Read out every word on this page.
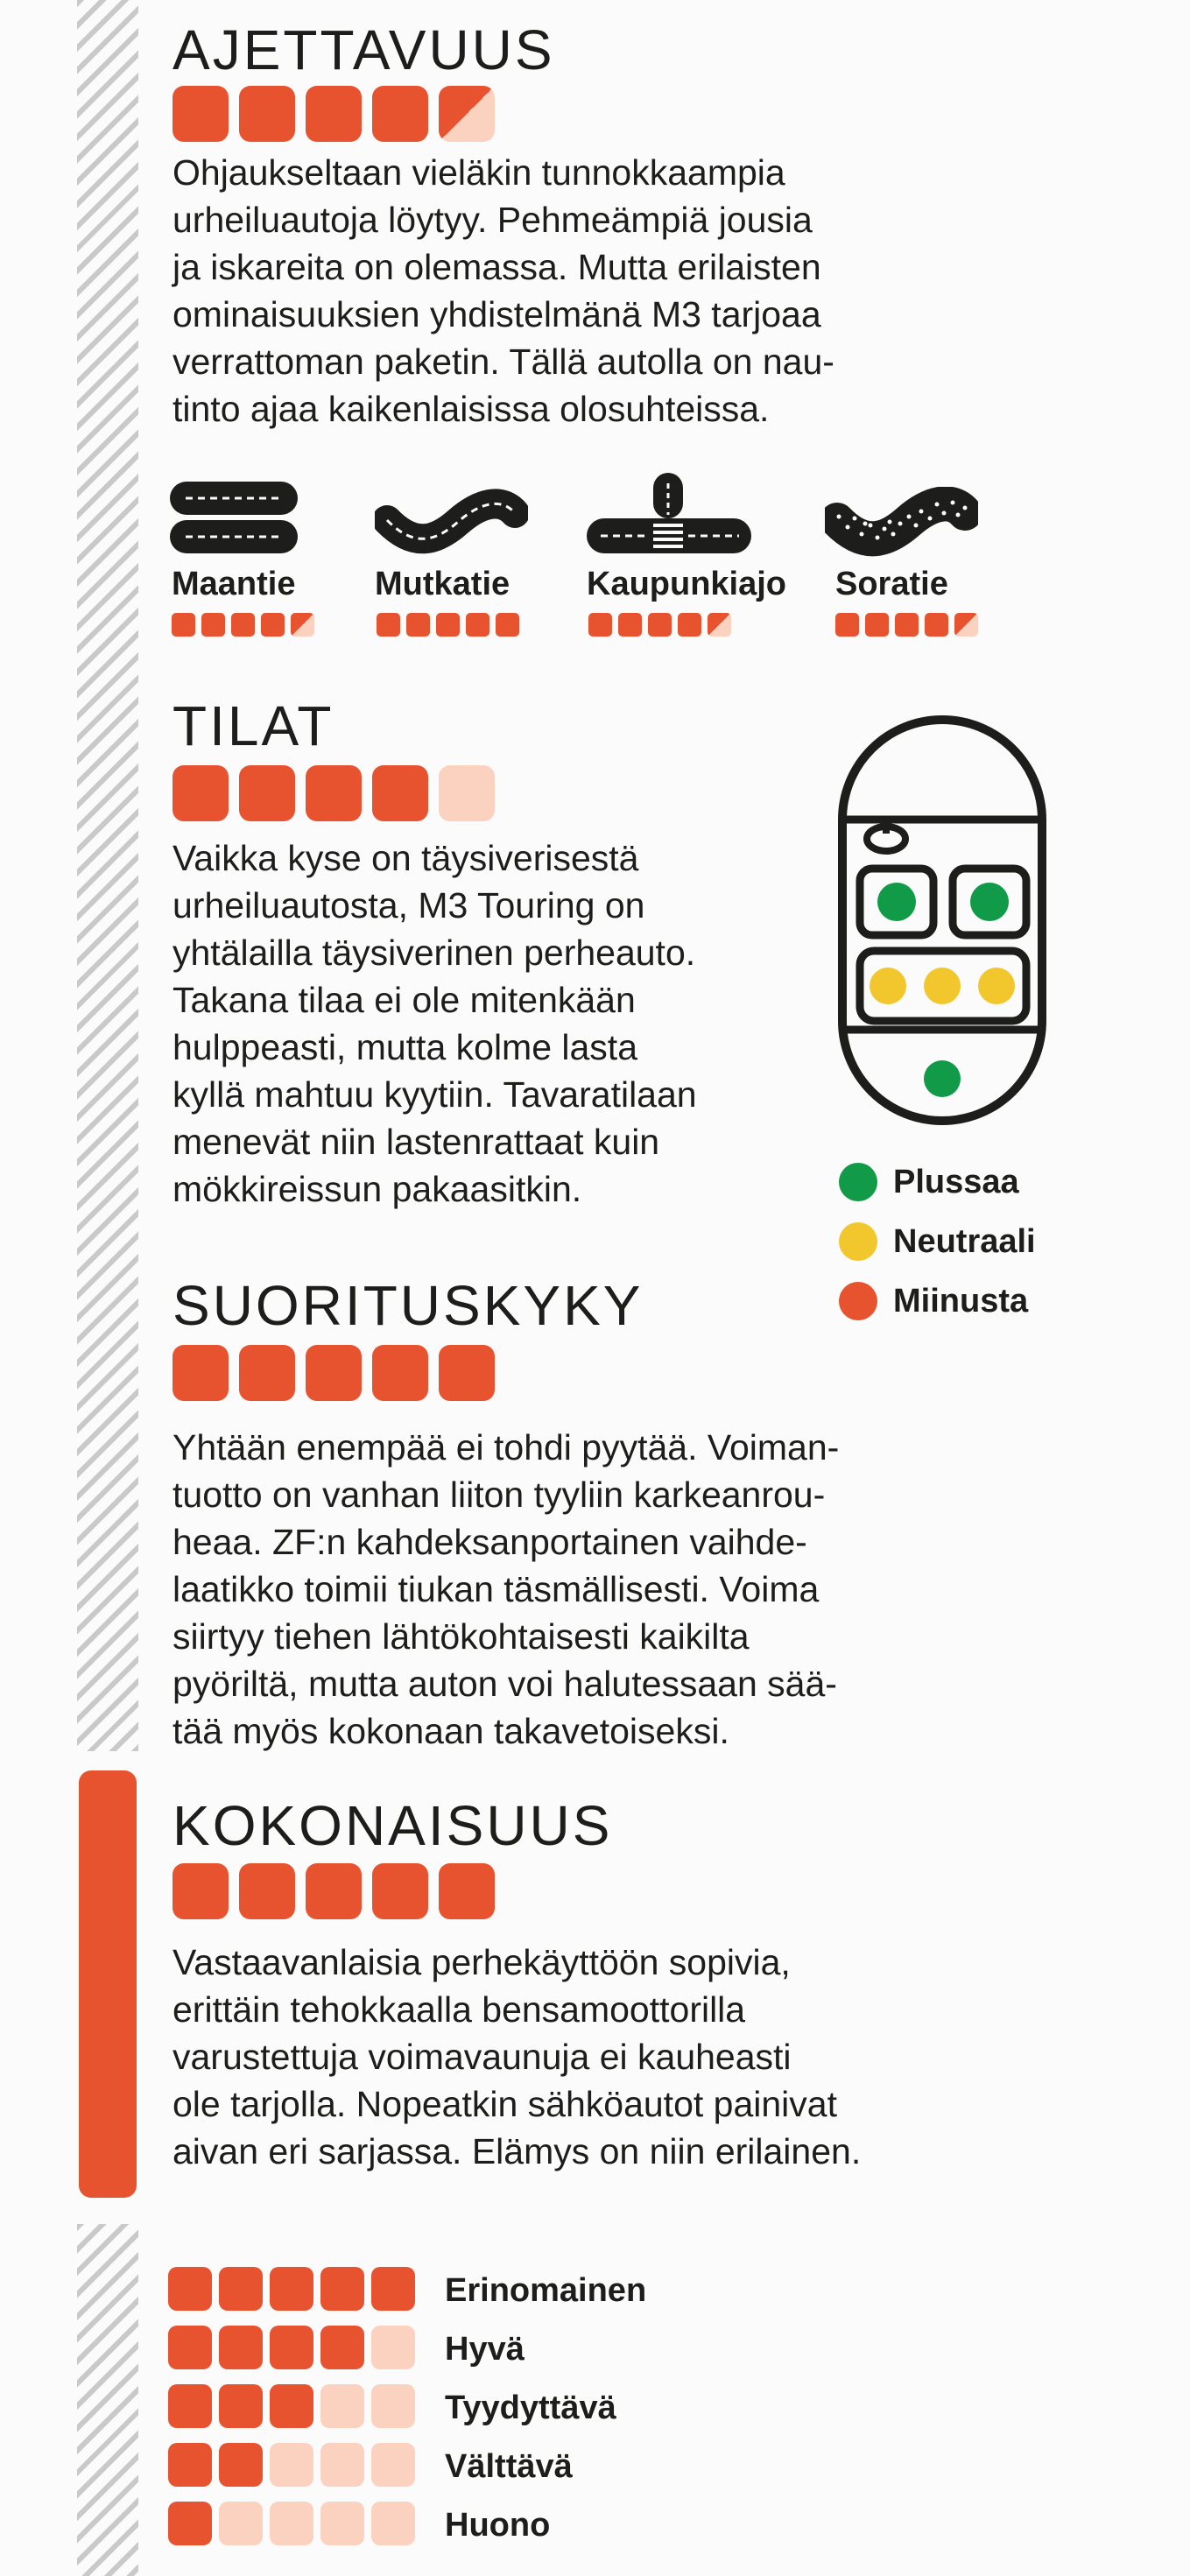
AJETTAVUUS

Ohjaukseltaan vieläkin tunnokkaampia
urheiluautoja löytyy. Pehmeämpiä jousia
ja iskareita on olemassa. Mutta erilaisten
ominaisuuksien yhdistelmänä M3 tarjoaa
verrattoman paketin. Tällä autolla on nau-
tinto ajaa kaikenlaisissa olosuhteissa.

Maantie Mutkatie Kaupunkiajo Soratie
TILAT

Vaikka kyse on täysiverisestä
urheiluautosta, M3 Touring on
yhtälailla täysiverinen perheauto.
Takana tilaa ei ole mitenkään
hulppeasti, mutta kolme lasta
kyllä mahtuu kyytiin. Tavaratilaan
menevät niin lastenrattaat kuin
mökkireissun pakaasitkin.	Plussaa
Neutraali
Miinusta
SUORITUSKYKY

Yhtään enempää ei tohdi pyytää. Voiman-
tuotto on vanhan liiton tyyliin karkeanrou-
heaa. ZF:n kahdeksanportainen vaihde-
laatikko toimii tiukan täsmällisesti. Voima
siirtyy tiehen lähtökohtaisesti kaikilta
pyöriltä, mutta auton voi halutessaan sää-
tää myös kokonaan takavetoiseksi.

KOKONAISUUS

Vastaavanlaisia perhekäyttöön sopivia,
erittäin tehokkaalla bensamoottorilla
varustettuja voimavaunuja ei kauheasti
ole tarjolla. Nopeatkin sähköautot painivat
aivan eri sarjassa. Elämys on niin erilainen.

Erinomainen
Hyvä
Tyydyttävä
Välttävä
Huono
